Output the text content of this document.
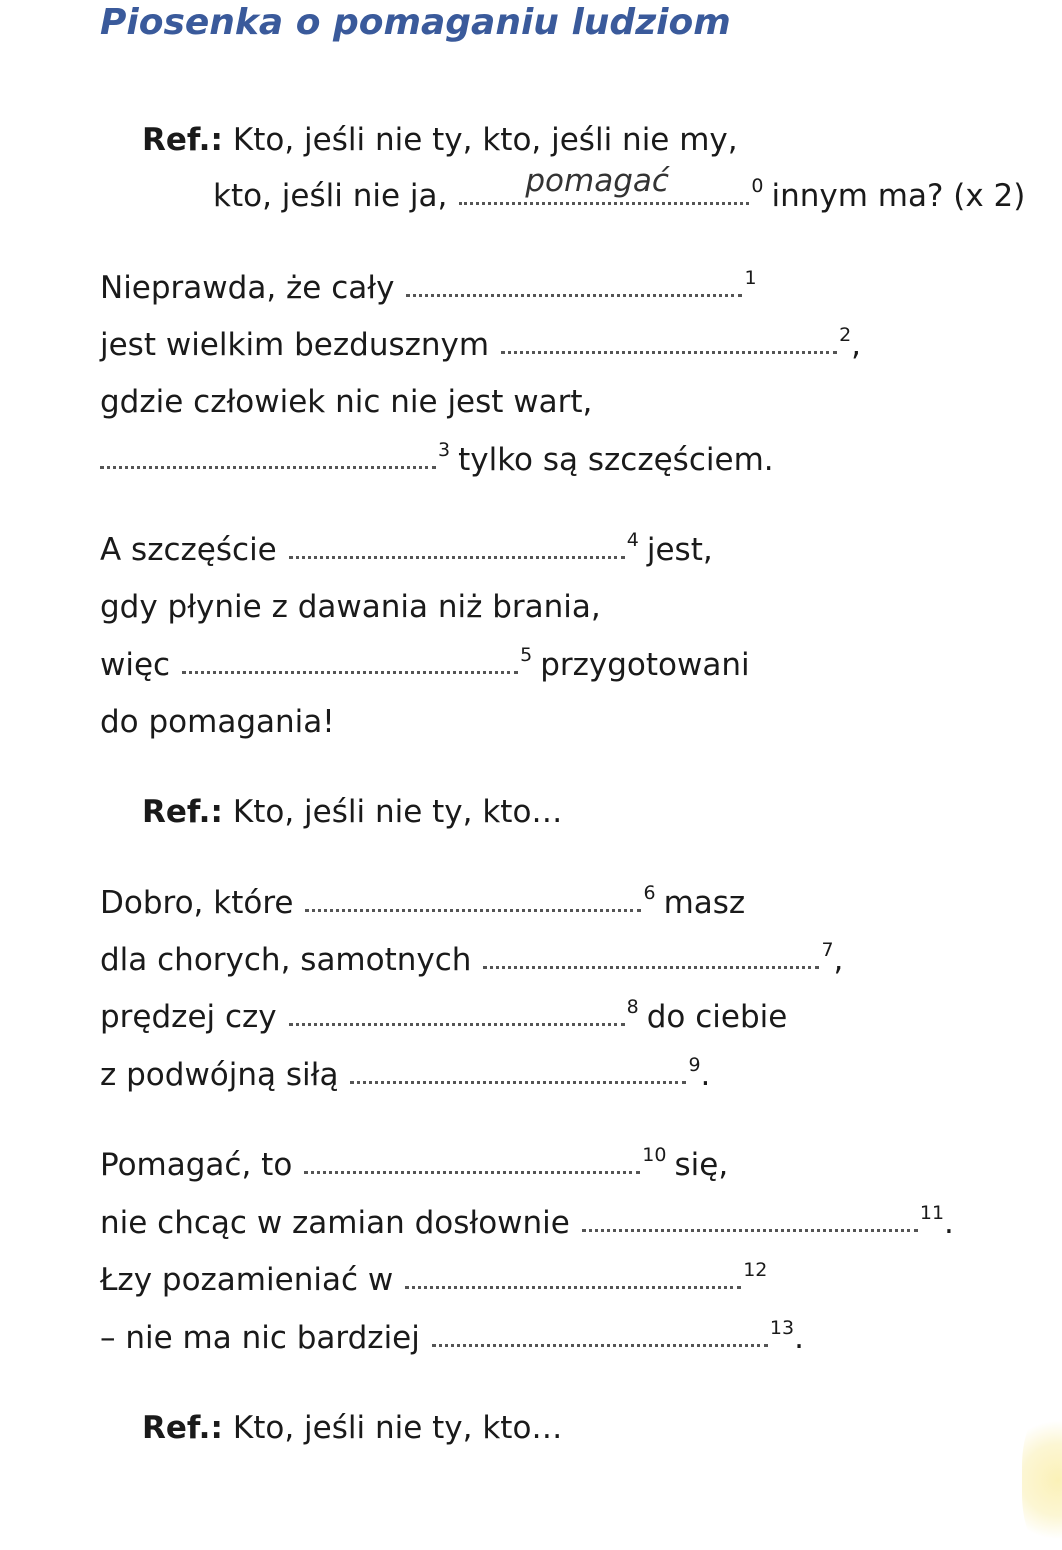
Piosenka o pomaganiu ludziom
Ref.: Kto, jeśli nie ty, kto, jeśli nie my,
kto, jeśli nie ja,	pomagać	0 innym ma? (x 2)
Nieprawda, że cały	1
jest wielkim bezdusznym	2 ,
gdzie człowiek nic nie jest wart,
3 tylko są szczęściem.
A szczęście	4 jest,
gdy płynie z dawania niż brania,
więc	5 przygotowani
do pomagania!
Ref.: Kto, jeśli nie ty, kto…
Dobro, które	6 masz
dla chorych, samotnych	7 ,
prędzej czy	8 do ciebie
z podwójną siłą	9 .
Pomagać, to	10 się,
nie chcąc w zamian dosłownie	11 .
Łzy pozamieniać w	12
– nie ma nic bardziej	13 .
Ref.: Kto, jeśli nie ty, kto…
